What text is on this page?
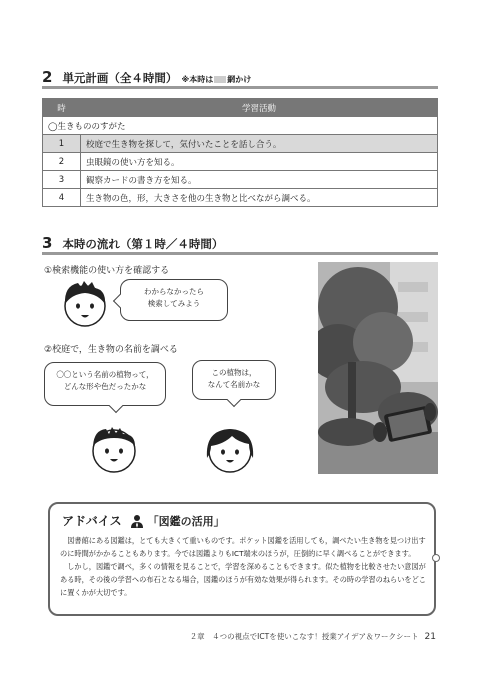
2 単元計画（全４時間） ※本時は 網かけ
時	学習活動
◯生きもののすがた	
1	校庭で生き物を探して，気付いたことを話し合う。
2	虫眼鏡の使い方を知る。
3	観察カードの書き方を知る。
4	生き物の色，形，大きさを他の生き物と比べながら調べる。
3 本時の流れ（第１時／４時間）
①検索機能の使い方を確認する
わからなかったら
検索してみよう
②校庭で，生き物の名前を調べる
〇〇という名前の植物って，
どんな形や色だったかな
この植物は，
なんて名前かな
アドバイス 「図鑑の活用」

図書館にある図鑑は，とても大きくて重いものです。ポケット図鑑を活用しても，調べたい生き物を見つけ出すのに時間がかかることもあります。今では図鑑よりもICT端末のほうが，圧倒的に早く調べることができます。

しかし，図鑑で調べ，多くの情報を見ることで，学習を深めることもできます。似た植物を比較させたい意図がある時，その後の学習への布石となる場合，図鑑のほうが有効な効果が得られます。その時の学習のねらいをどこに置くかが大切です。

２章　４つの視点でICTを使いこなす！授業アイデア＆ワークシート 21
